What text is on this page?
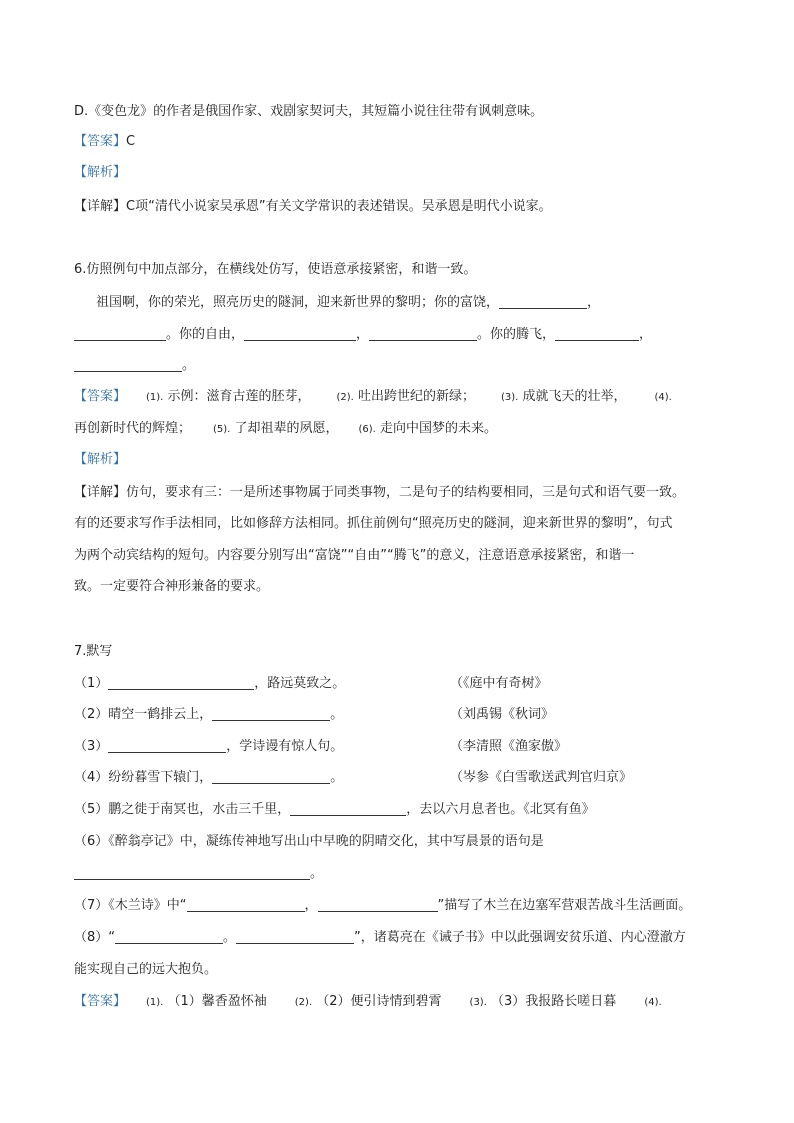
D.《变色龙》的作者是俄国作家、戏剧家契诃夫，其短篇小说往往带有讽刺意味。
【答案】C
【解析】
【详解】C项“清代小说家吴承恩”有关文学常识的表述错误。吴承恩是明代小说家。
6.仿照例句中加点部分，在横线处仿写，使语意承接紧密，和谐一致。
祖国啊，你的荣光，照亮历史的隧洞，迎来新世界的黎明；你的富饶，	，
。你的自由，	，	。你的腾飞，	，
。
【答案】 (1). 示例：滋育古莲的胚芽，	(2). 吐出跨世纪的新绿；	(3). 成就飞天的壮举，	(4).
再创新时代的辉煌； (5). 了却祖辈的夙愿， (6). 走向中国梦的未来。
【解析】
【详解】仿句，要求有三：一是所述事物属于同类事物，二是句子的结构要相同，三是句式和语气要一致。
有的还要求写作手法相同，比如修辞方法相同。抓住前例句“照亮历史的隧洞，迎来新世界的黎明”，句式
为两个动宾结构的短句。内容要分别写出“富饶”“自由”“腾飞”的意义，注意语意承接紧密，和谐一
致。一定要符合神形兼备的要求。
7.默写
（1）	，路远莫致之。	（《庭中有奇树》
（2）晴空一鹤排云上，	。	（刘禹锡《秋词》
（3）	，学诗谩有惊人句。	（李清照《渔家傲》
（4）纷纷暮雪下辕门，	。	（岑参《白雪歌送武判官归京》
（5）鹏之徙于南冥也，水击三千里，	，去以六月息者也。《北冥有鱼》
（6）《醉翁亭记》中，凝练传神地写出山中早晚的阴晴交化，其中写晨景的语句是
。
（7）《木兰诗》中“	，	”描写了木兰在边塞军营艰苦战斗生活画面。
（8）“	。	”，诸葛亮在《诫子书》中以此强调安贫乐道、内心澄澈方
能实现自己的远大抱负。
【答案】 (1). （1）馨香盈怀袖	(2). （2）便引诗情到碧霄	(3). （3）我报路长嗟日暮	(4).
